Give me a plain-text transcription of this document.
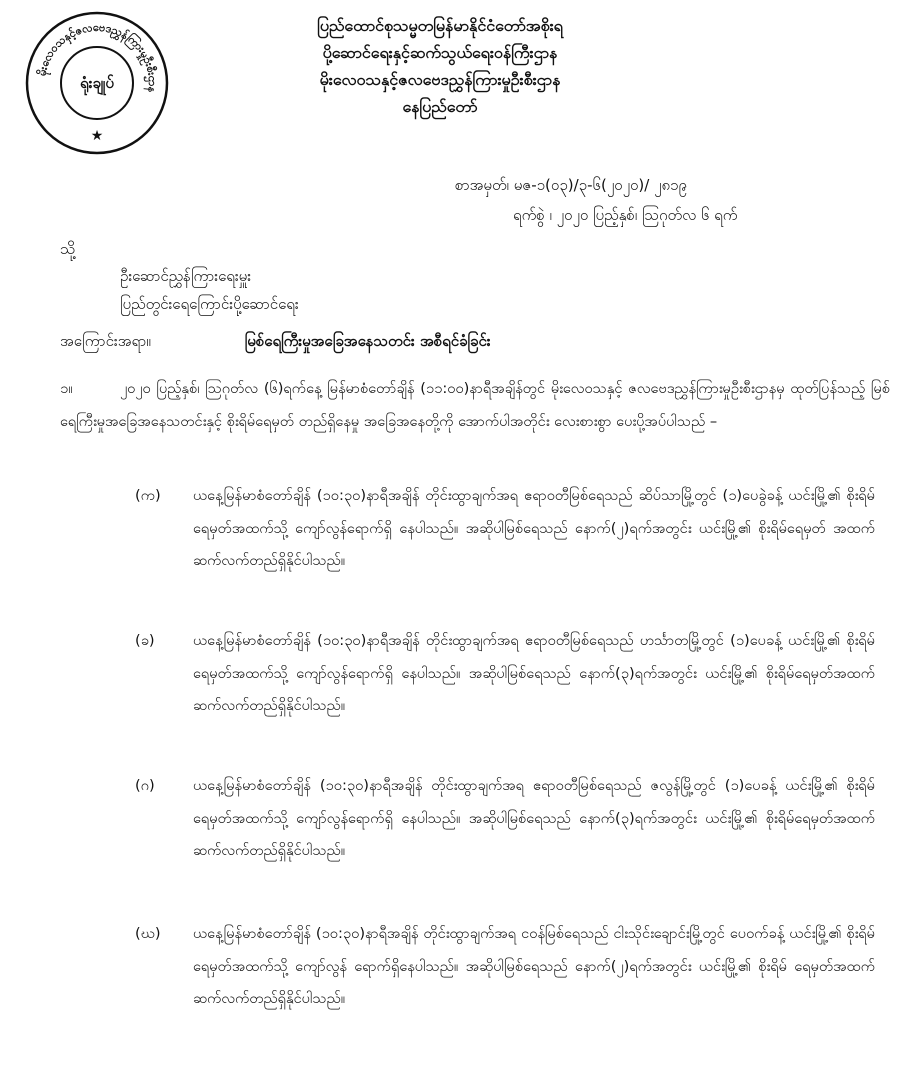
မိုးလေဝသနှင့်ဇလဗေဒညွှန်ကြားမှုဦးစီးဌာန
ရုံးချုပ်
★
ပြည်ထောင်စုသမ္မတမြန်မာနိုင်ငံတော်အစိုးရ
ပို့ဆောင်ရေးနှင့်ဆက်သွယ်ရေးဝန်ကြီးဌာန
မိုးလေဝသနှင့်ဇလဗေဒညွှန်ကြားမှုဦးစီးဌာန
နေပြည်တော်
စာအမှတ်၊ မဇ-၁(၀၃)/၃-၆(၂၀၂၀)/ ၂၈၁၉
ရက်စွဲ ၊ ၂၀၂၀ ပြည့်နှစ်၊ ဩဂုတ်လ ၆ ရက်
သို့
ဦးဆောင်ညွှန်ကြားရေးမှူး
ပြည်တွင်းရေကြောင်းပို့ဆောင်ရေး
အကြောင်းအရာ။	မြစ်ရေကြီးမှုအခြေအနေသတင်း အစီရင်ခံခြင်း
၁။	၂၀၂၀ ပြည့်နှစ်၊ ဩဂုတ်လ (၆)ရက်နေ့ မြန်မာစံတော်ချိန် (၁၁:၀၀)နာရီအချိန်တွင် မိုးလေဝသနှင့် ဇလဗေဒညွှန်ကြားမှုဦးစီးဌာနမှ ထုတ်ပြန်သည့် မြစ်ရေကြီးမှုအခြေအနေသတင်းနှင့် စိုးရိမ်ရေမှတ် တည်ရှိနေမှု အခြေအနေတို့ကို အောက်ပါအတိုင်း လေးစားစွာ ပေးပို့အပ်ပါသည် –
(က)	ယနေ့မြန်မာစံတော်ချိန် (၁၀:၃၀)နာရီအချိန် တိုင်းထွာချက်အရ ဧရာဝတီမြစ်ရေသည် ဆိပ်သာမြို့တွင် (၁)ပေခွဲခန့် ယင်းမြို့၏ စိုးရိမ်ရေမှတ်အထက်သို့ ကျော်လွန်ရောက်ရှိ နေပါသည်။ အဆိုပါမြစ်ရေသည် နောက်(၂)ရက်အတွင်း ယင်းမြို့၏ စိုးရိမ်ရေမှတ် အထက် ဆက်လက်တည်ရှိနိုင်ပါသည်။
(ခ)	ယနေ့မြန်မာစံတော်ချိန် (၁၀:၃၀)နာရီအချိန် တိုင်းထွာချက်အရ ဧရာဝတီမြစ်ရေသည် ဟင်္သာတမြို့တွင် (၁)ပေခန့် ယင်းမြို့၏ စိုးရိမ်ရေမှတ်အထက်သို့ ကျော်လွန်ရောက်ရှိ နေပါသည်။ အဆိုပါမြစ်ရေသည် နောက်(၃)ရက်အတွင်း ယင်းမြို့၏ စိုးရိမ်ရေမှတ်အထက် ဆက်လက်တည်ရှိနိုင်ပါသည်။
(ဂ)	ယနေ့မြန်မာစံတော်ချိန် (၁၀:၃၀)နာရီအချိန် တိုင်းထွာချက်အရ ဧရာဝတီမြစ်ရေသည် ဇလွန်မြို့တွင် (၁)ပေခန့် ယင်းမြို့၏ စိုးရိမ်ရေမှတ်အထက်သို့ ကျော်လွန်ရောက်ရှိ နေပါသည်။ အဆိုပါမြစ်ရေသည် နောက်(၃)ရက်အတွင်း ယင်းမြို့၏ စိုးရိမ်ရေမှတ်အထက် ဆက်လက်တည်ရှိနိုင်ပါသည်။
(ဃ)	ယနေ့မြန်မာစံတော်ချိန် (၁၀:၃၀)နာရီအချိန် တိုင်းထွာချက်အရ ငဝန်မြစ်ရေသည် ငါးသိုင်းချောင်းမြို့တွင် ပေဝက်ခန့် ယင်းမြို့၏ စိုးရိမ်ရေမှတ်အထက်သို့ ကျော်လွန် ရောက်ရှိနေပါသည်။ အဆိုပါမြစ်ရေသည် နောက်(၂)ရက်အတွင်း ယင်းမြို့၏ စိုးရိမ် ရေမှတ်အထက် ဆက်လက်တည်ရှိနိုင်ပါသည်။
